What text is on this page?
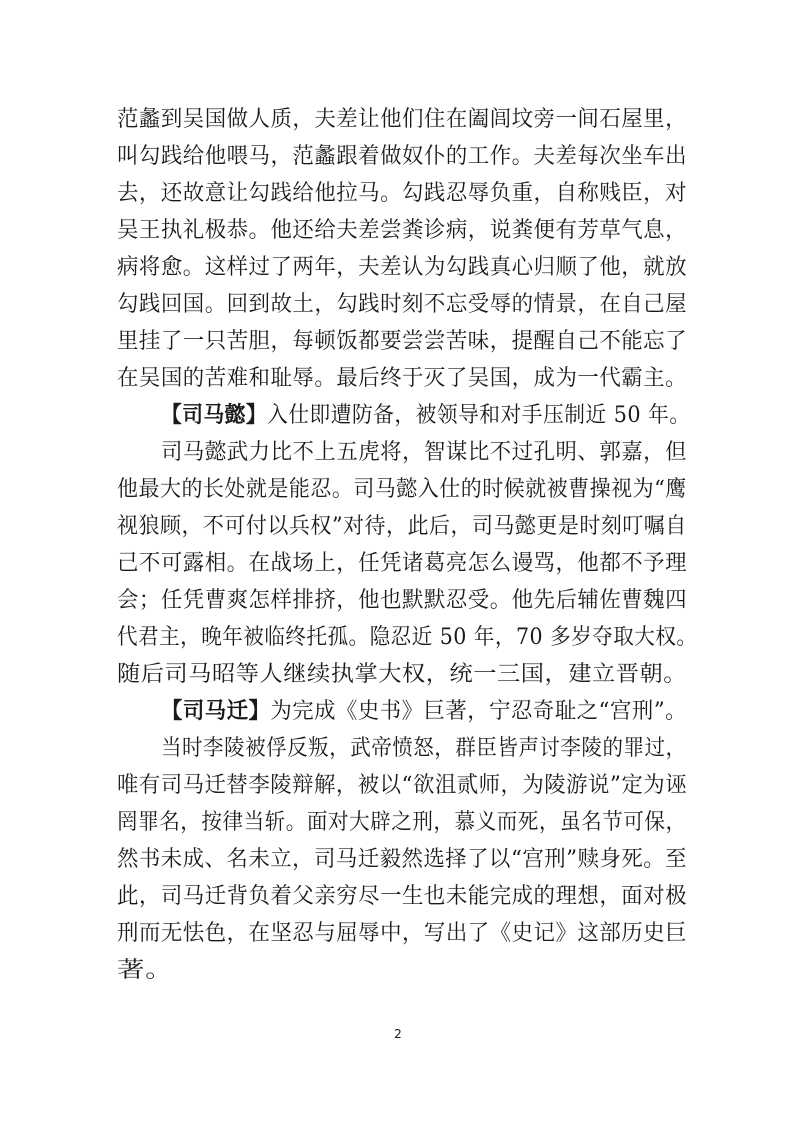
范蠡到吴国做人质，夫差让他们住在阖闾坟旁一间石屋里，
叫勾践给他喂马，范蠡跟着做奴仆的工作。夫差每次坐车出
去，还故意让勾践给他拉马。勾践忍辱负重，自称贱臣，对
吴王执礼极恭。他还给夫差尝粪诊病，说粪便有芳草气息，
病将愈。这样过了两年，夫差认为勾践真心归顺了他，就放
勾践回国。回到故土，勾践时刻不忘受辱的情景，在自己屋
里挂了一只苦胆，每顿饭都要尝尝苦味，提醒自己不能忘了
在吴国的苦难和耻辱。最后终于灭了吴国，成为一代霸主。
【司马懿】入仕即遭防备，被领导和对手压制近 50 年。
司马懿武力比不上五虎将，智谋比不过孔明、郭嘉，但
他最大的长处就是能忍。司马懿入仕的时候就被曹操视为“鹰
视狼顾，不可付以兵权”对待，此后，司马懿更是时刻叮嘱自
己不可露相。在战场上，任凭诸葛亮怎么谩骂，他都不予理
会；任凭曹爽怎样排挤，他也默默忍受。他先后辅佐曹魏四
代君主，晚年被临终托孤。隐忍近 50 年，70 多岁夺取大权。
随后司马昭等人继续执掌大权，统一三国，建立晋朝。
【司马迁】为完成《史书》巨著，宁忍奇耻之“宫刑”。
当时李陵被俘反叛，武帝愤怒，群臣皆声讨李陵的罪过，
唯有司马迁替李陵辩解，被以“欲沮贰师，为陵游说”定为诬
罔罪名，按律当斩。面对大辟之刑，慕义而死，虽名节可保，
然书未成、名未立，司马迁毅然选择了以“宫刑”赎身死。至
此，司马迁背负着父亲穷尽一生也未能完成的理想，面对极
刑而无怯色，在坚忍与屈辱中，写出了《史记》这部历史巨
著。
2
